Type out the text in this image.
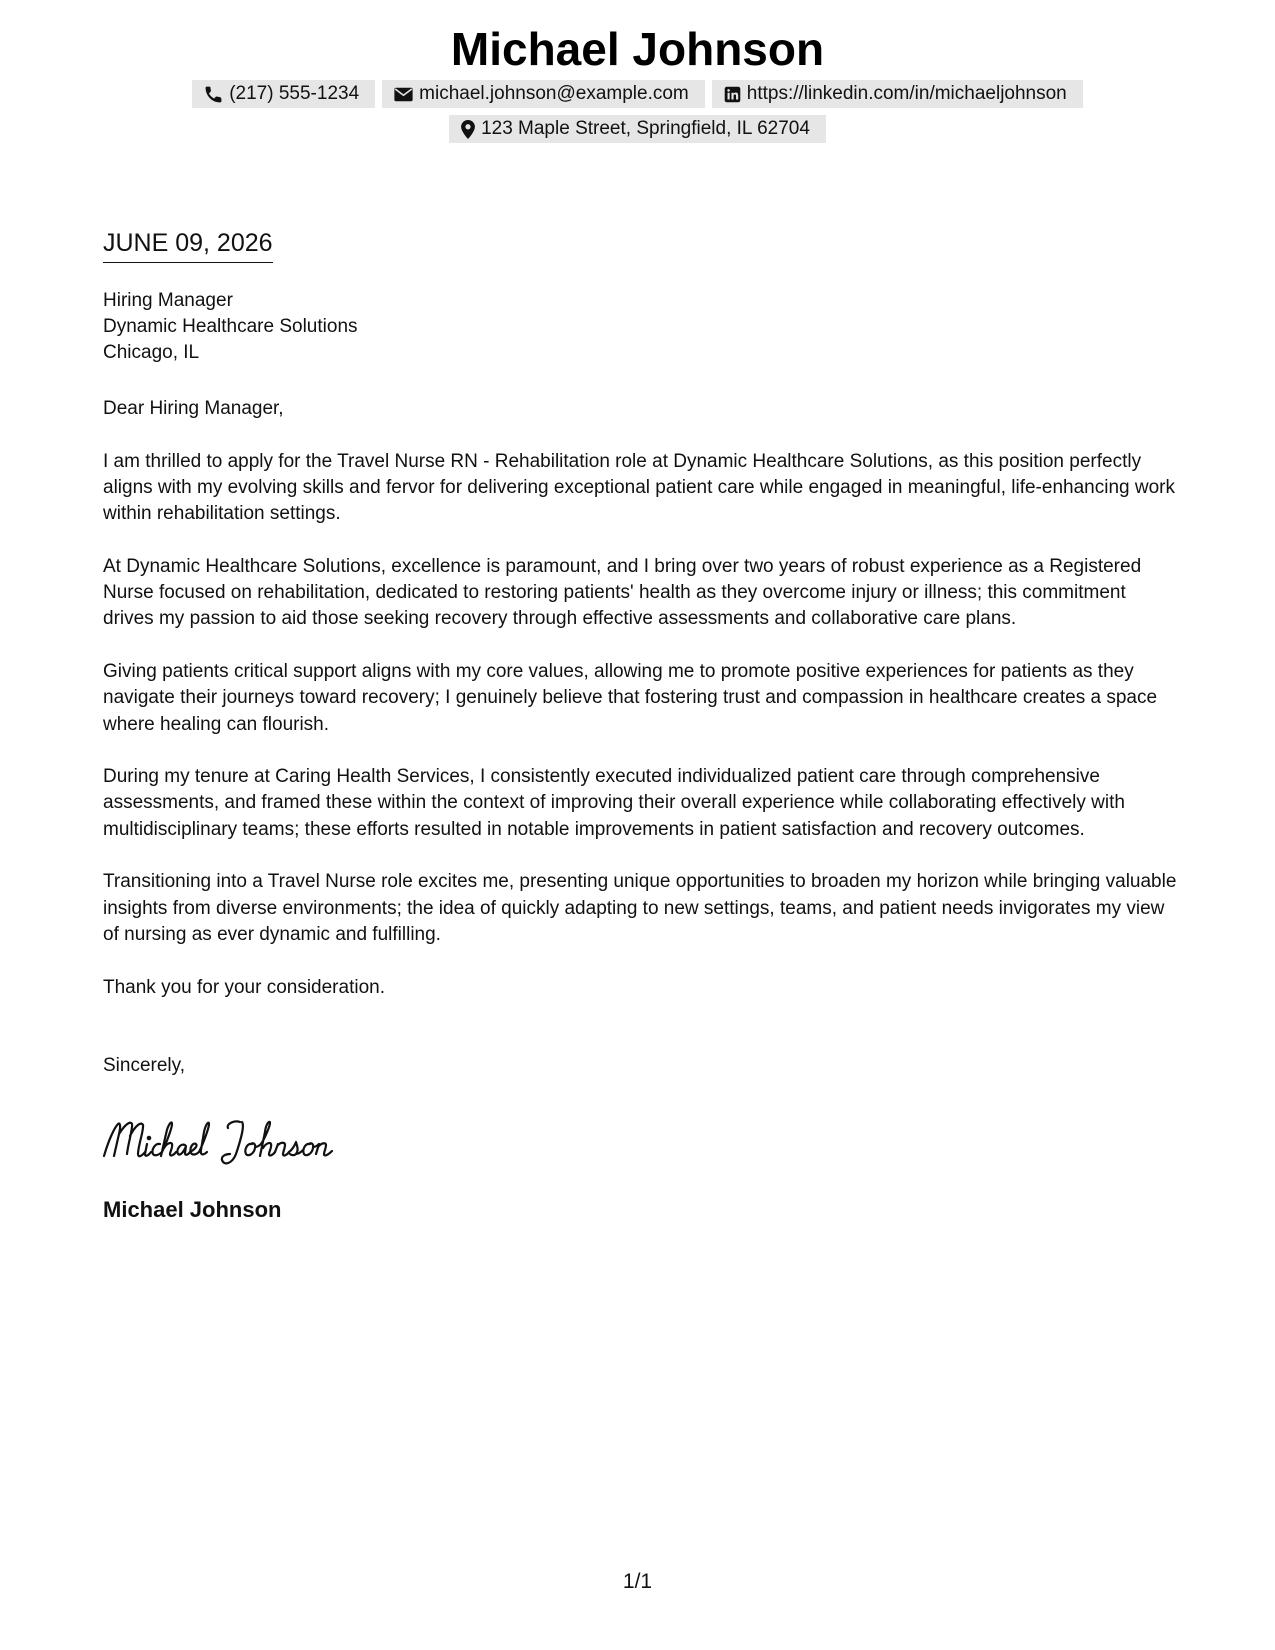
Michael Johnson
(217) 555-1234	michael.johnson@example.com	https://linkedin.com/in/michaeljohnson
123 Maple Street, Springfield, IL 62704
JUNE 09, 2026
Hiring Manager
Dynamic Healthcare Solutions
Chicago, IL

Dear Hiring Manager,

I am thrilled to apply for the Travel Nurse RN - Rehabilitation role at Dynamic Healthcare Solutions, as this position perfectly aligns with my evolving skills and fervor for delivering exceptional patient care while engaged in meaningful, life-enhancing work within rehabilitation settings.

At Dynamic Healthcare Solutions, excellence is paramount, and I bring over two years of robust experience as a Registered Nurse focused on rehabilitation, dedicated to restoring patients' health as they overcome injury or illness; this commitment drives my passion to aid those seeking recovery through effective assessments and collaborative care plans.

Giving patients critical support aligns with my core values, allowing me to promote positive experiences for patients as they navigate their journeys toward recovery; I genuinely believe that fostering trust and compassion in healthcare creates a space where healing can flourish.

During my tenure at Caring Health Services, I consistently executed individualized patient care through comprehensive assessments, and framed these within the context of improving their overall experience while collaborating effectively with multidisciplinary teams; these efforts resulted in notable improvements in patient satisfaction and recovery outcomes.

Transitioning into a Travel Nurse role excites me, presenting unique opportunities to broaden my horizon while bringing valuable insights from diverse environments; the idea of quickly adapting to new settings, teams, and patient needs invigorates my view of nursing as ever dynamic and fulfilling.

Thank you for your consideration.

Sincerely,
Michael Johnson
1/1
